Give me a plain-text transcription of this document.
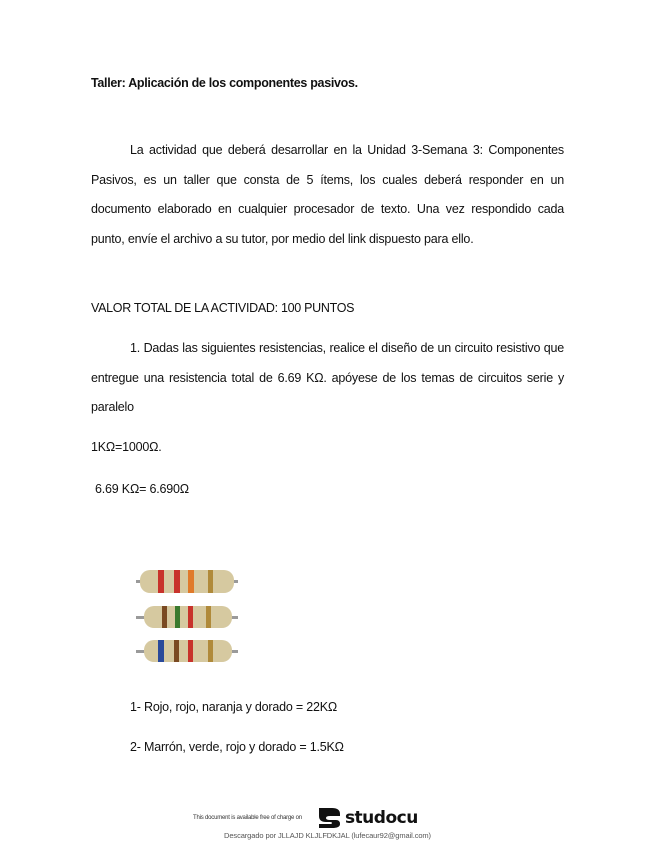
Taller: Aplicación de los componentes pasivos.
La actividad que deberá desarrollar en la Unidad 3-Semana 3: Componentes Pasivos, es un taller que consta de 5 ítems, los cuales deberá responder en un documento elaborado en cualquier procesador de texto. Una vez respondido cada punto, envíe el archivo a su tutor, por medio del link dispuesto para ello.
VALOR TOTAL DE LA ACTIVIDAD: 100 PUNTOS
1. Dadas las siguientes resistencias, realice el diseño de un circuito resistivo que entregue una resistencia total de 6.69 KΩ. apóyese de los temas de circuitos serie y paralelo
1KΩ=1000Ω.
6.69 KΩ= 6.690Ω
1- Rojo, rojo, naranja y dorado = 22KΩ
2- Marrón, verde, rojo y dorado = 1.5KΩ
This document is available free of charge on	studocu
Descargado por JLLAJD KLJLFDKJAL (lufecaur92@gmail.com)
